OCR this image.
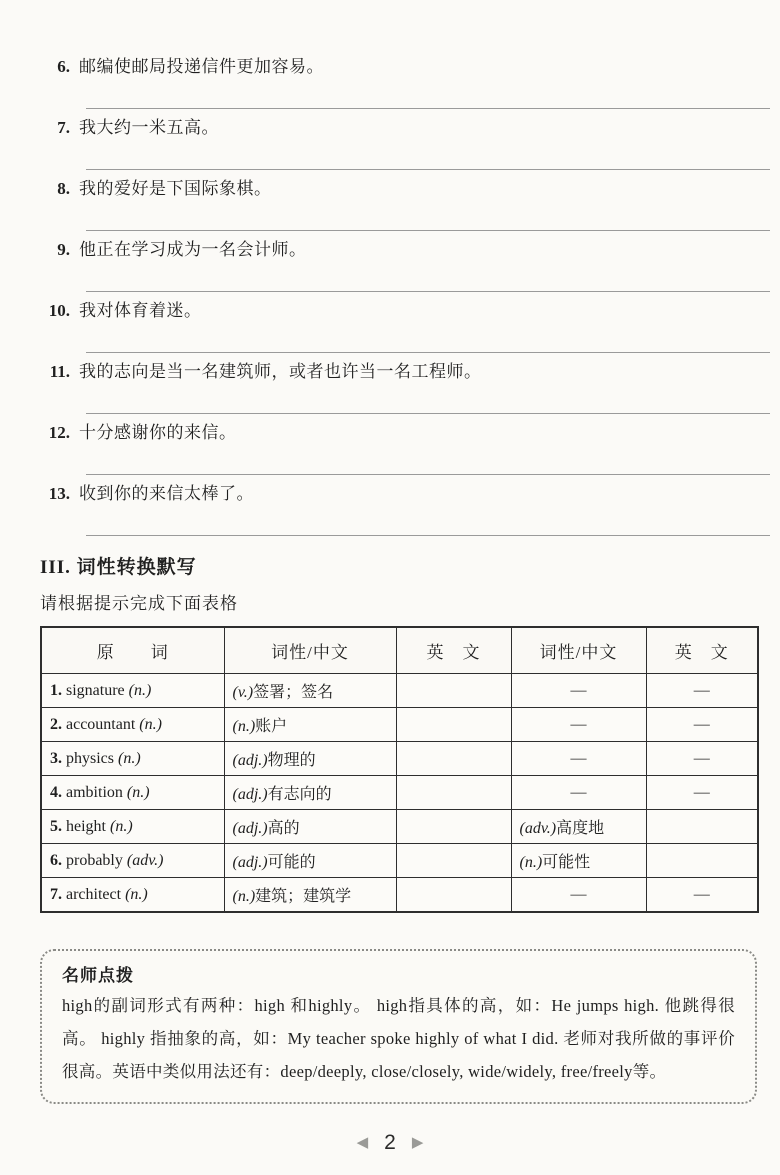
6. 邮编使邮局投递信件更加容易。
7. 我大约一米五高。
8. 我的爱好是下国际象棋。
9. 他正在学习成为一名会计师。
10. 我对体育着迷。
11. 我的志向是当一名建筑师，或者也许当一名工程师。
12. 十分感谢你的来信。
13. 收到你的来信太棒了。
III. 词性转换默写
请根据提示完成下面表格
原　　词	词性/中文	英　文	词性/中文	英　文
1. signature (n.)	(v.)签署；签名		—	—
2. accountant (n.)	(n.)账户		—	—
3. physics (n.)	(adj.)物理的		—	—
4. ambition (n.)	(adj.)有志向的		—	—
5. height (n.)	(adj.)高的		(adv.)高度地	
6. probably (adv.)	(adj.)可能的		(n.)可能性	
7. architect (n.)	(n.)建筑；建筑学		—	—
名师点拨
high的副词形式有两种：high 和highly。 high指具体的高，如：He jumps high. 他跳得很高。 highly 指抽象的高，如：My teacher spoke highly of what I did. 老师对我所做的事评价很高。英语中类似用法还有：deep/deeply, close/closely, wide/widely, free/freely等。
◀ 2 ▶
